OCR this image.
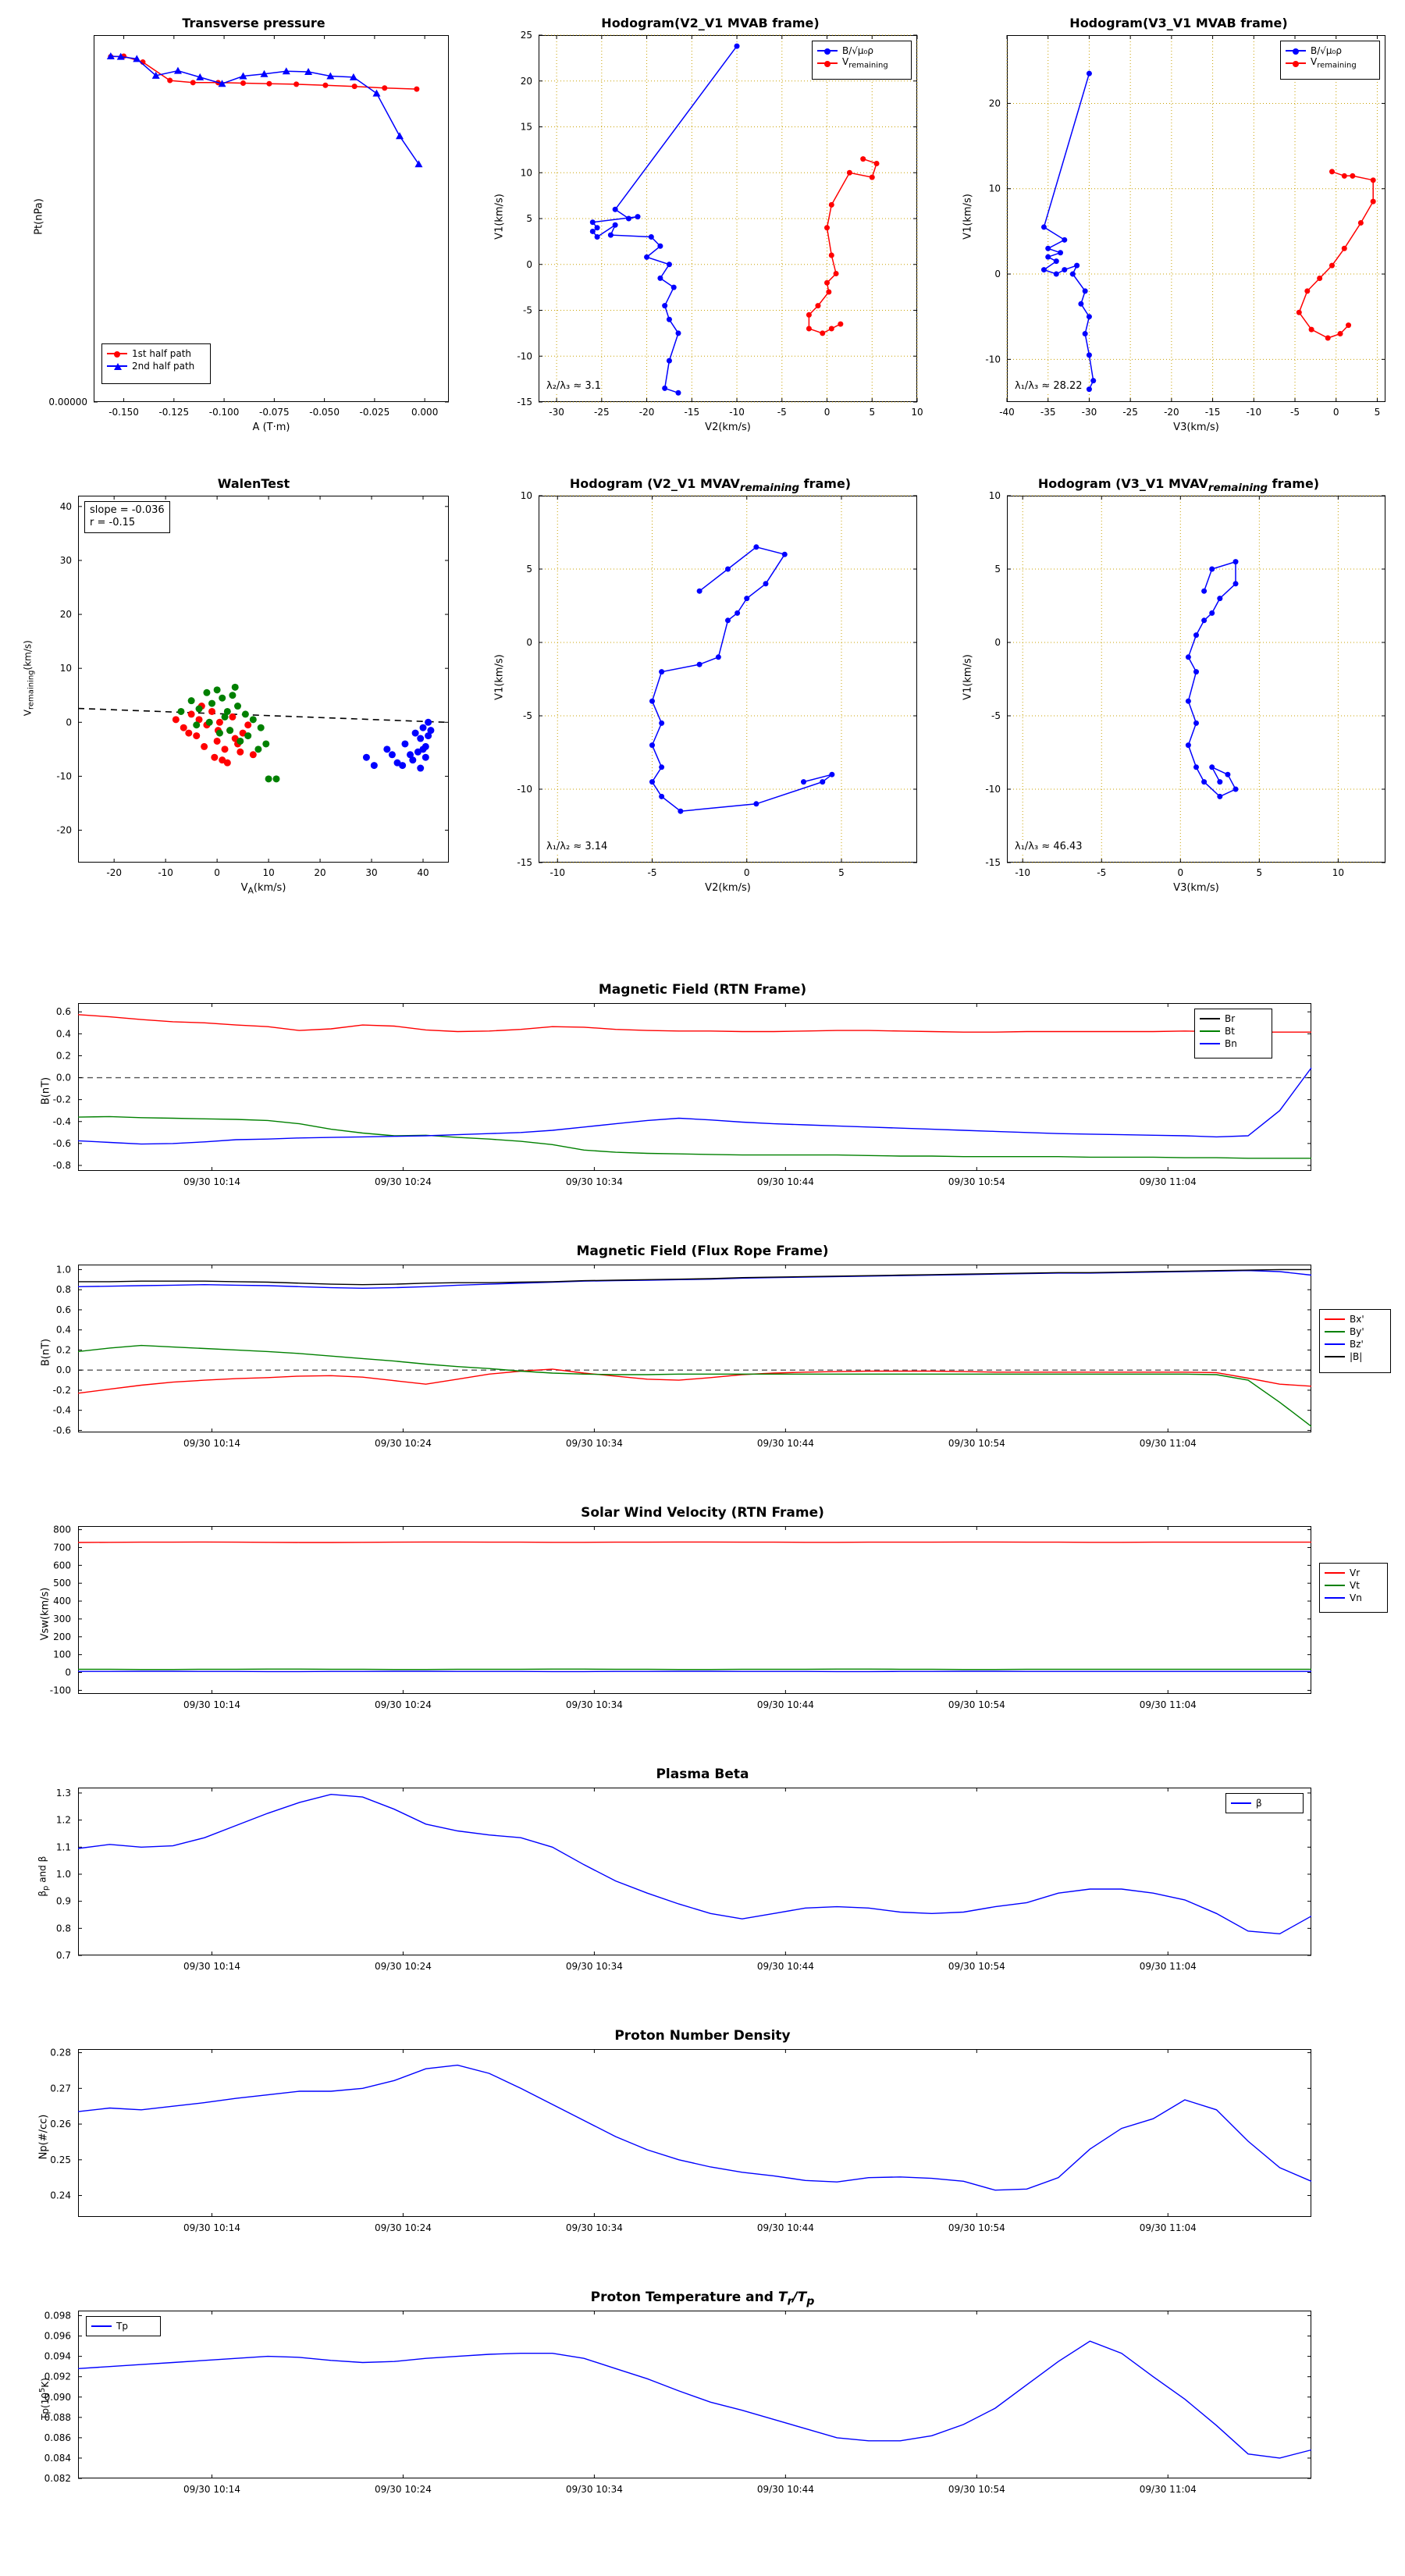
Transverse pressure
-0.150 -0.125 -0.100 -0.075 -0.050 -0.025 0.000
0.00000
Pt(nPa)
A (T·m)
1st half path
2nd half path
Hodogram(V2_V1 MVAB frame)
-30	-25	-20	-15	-10	-5	0	5	10
-15
-10
-5
0
5
10
15
20
25
V1(km/s)
V2(km/s)
λ₂/λ₃ ≈ 3.1
B/√μ₀ρ
$V_{remaining}$
Hodogram(V3_V1 MVAB frame)
-40	-35	-30	-25	-20	-15	-10	-5	0	5
-10
0
10
20
V1(km/s)
V3(km/s)
λ₁/λ₃ ≈ 28.22
B/√μ₀ρ
$V_{remaining}$
WalenTest
-20	-10	0	10	20	30	40
-20
-10
0
10
20
30
40
$V_{remaining}(km/s)$
$V_A(km/s)$
slope = -0.036
r = -0.15
Hodogram (V2_V1 $MVAV_{remaining}$ frame)
-10	-5	0	5
-15
-10
-5
0
5
10
V1(km/s)
V2(km/s)
λ₁/λ₂ ≈ 3.14
Hodogram (V3_V1 $MVAV_{remaining}$ frame)
-10	-5	0	5	10
-15
-10
-5
0
5
10
V1(km/s)
V3(km/s)
λ₁/λ₃ ≈ 46.43
Magnetic Field (RTN Frame)
-0.8
-0.6
-0.4
-0.2
0.0
0.2
0.4
0.6
09/30 10:14	09/30 10:24	09/30 10:34	09/30 10:44	09/30 10:54	09/30 11:04
B(nT)
Br
Bt
Bn
Magnetic Field (Flux Rope Frame)
-0.6
-0.4
-0.2
0.0
0.2
0.4
0.6
0.8
1.0
09/30 10:14	09/30 10:24	09/30 10:34	09/30 10:44	09/30 10:54	09/30 11:04
B(nT)
Bx'
By'
Bz'
|B|
Solar Wind Velocity (RTN Frame)
-100
0
100
200
300
400
500
600
700
800
09/30 10:14	09/30 10:24	09/30 10:34	09/30 10:44	09/30 10:54	09/30 11:04
Vsw(km/s)
Vr
Vt
Vn
Plasma Beta
0.7
0.8
0.9
1.0
1.1
1.2
1.3
09/30 10:14	09/30 10:24	09/30 10:34	09/30 10:44	09/30 10:54	09/30 11:04
$\beta_p$ and β
β
Proton Number Density
0.24
0.25
0.26
0.27
0.28
09/30 10:14	09/30 10:24	09/30 10:34	09/30 10:44	09/30 10:54	09/30 11:04
Np(#/cc)
Proton Temperature and $T_r/T_p$
0.082
0.084
0.086
0.088
0.090
0.092
0.094
0.096
0.098
09/30 10:14	09/30 10:24	09/30 10:34	09/30 10:44	09/30 10:54	09/30 11:04
$Tp(10^5K)$
Tp
